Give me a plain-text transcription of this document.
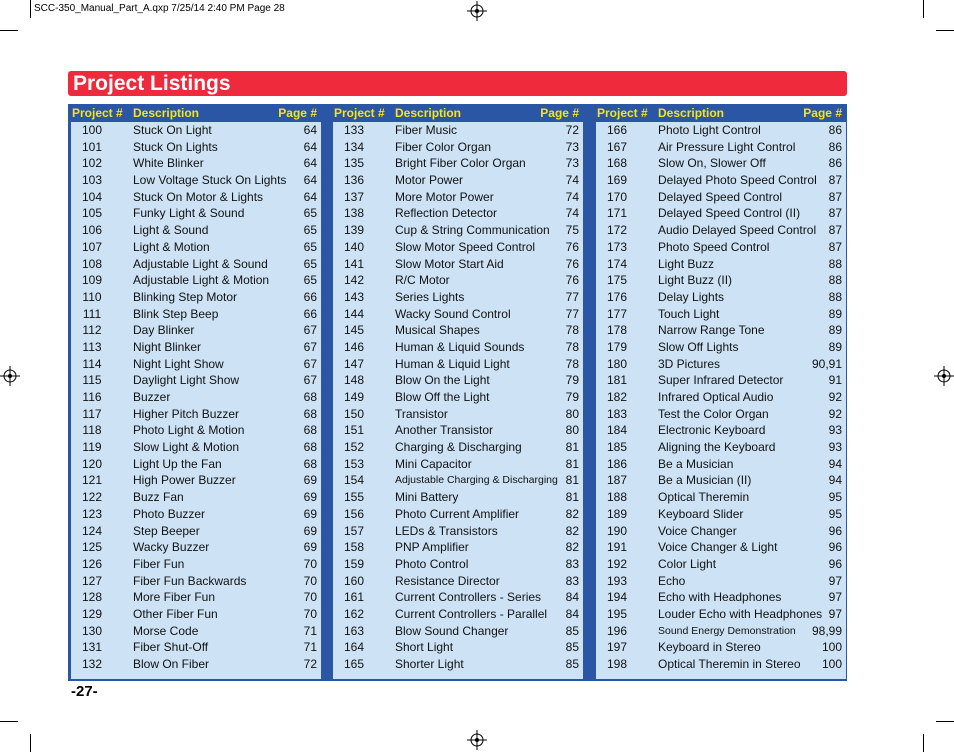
SCC-350_Manual_Part_A.qxp 7/25/14 2:40 PM Page 28
Project Listings
Project # Description	Page #
100	Stuck On Light	64
101	Stuck On Lights	64
102	White Blinker	64
103	Low Voltage Stuck On Lights 64
104	Stuck On Motor & Lights	64
105	Funky Light & Sound	65
106	Light & Sound	65
107	Light & Motion	65
108	Adjustable Light & Sound	65
109	Adjustable Light & Motion	65
110	Blinking Step Motor	66
111	Blink Step Beep	66
112	Day Blinker	67
113	Night Blinker	67
114	Night Light Show	67
115	Daylight Light Show	67
116	Buzzer	68
117	Higher Pitch Buzzer	68
118	Photo Light & Motion	68
119	Slow Light & Motion	68
120	Light Up the Fan	68
121	High Power Buzzer	69
122	Buzz Fan	69
123	Photo Buzzer	69
124	Step Beeper	69
125	Wacky Buzzer	69
126	Fiber Fun	70
127	Fiber Fun Backwards	70
128	More Fiber Fun	70
129	Other Fiber Fun	70
130	Morse Code	71
131	Fiber Shut-Off	71
132	Blow On Fiber	72
Project # Description	Page #
133	Fiber Music	72
134	Fiber Color Organ	73
135	Bright Fiber Color Organ	73
136	Motor Power	74
137	More Motor Power	74
138	Reflection Detector	74
139	Cup & String Communication 75
140	Slow Motor Speed Control	76
141	Slow Motor Start Aid	76
142	R/C Motor	76
143	Series Lights	77
144	Wacky Sound Control	77
145	Musical Shapes	78
146	Human & Liquid Sounds	78
147	Human & Liquid Light	78
148	Blow On the Light	79
149	Blow Off the Light	79
150	Transistor	80
151	Another Transistor	80
152	Charging & Discharging	81
153	Mini Capacitor	81
154	Adjustable Charging & Discharging 81
155	Mini Battery	81
156	Photo Current Amplifier	82
157	LEDs & Transistors	82
158	PNP Amplifier	82
159	Photo Control	83
160	Resistance Director	83
161	Current Controllers - Series 84
162	Current Controllers - Parallel 84
163	Blow Sound Changer	85
164	Short Light	85
165	Shorter Light	85
Project # Description	Page #
166	Photo Light Control	86
167	Air Pressure Light Control	86
168	Slow On, Slower Off	86
169	Delayed Photo Speed Control 87
170	Delayed Speed Control	87
171	Delayed Speed Control (II) 87
172	Audio Delayed Speed Control 87
173	Photo Speed Control	87
174	Light Buzz	88
175	Light Buzz (II)	88
176	Delay Lights	88
177	Touch Light	89
178	Narrow Range Tone	89
179	Slow Off Lights	89
180	3D Pictures	90,91
181	Super Infrared Detector	91
182	Infrared Optical Audio	92
183	Test the Color Organ	92
184	Electronic Keyboard	93
185	Aligning the Keyboard	93
186	Be a Musician	94
187	Be a Musician (II)	94
188	Optical Theremin	95
189	Keyboard Slider	95
190	Voice Changer	96
191	Voice Changer & Light	96
192	Color Light	96
193	Echo	97
194	Echo with Headphones	97
195	Louder Echo with Headphones 97
196	Sound Energy Demonstration 98,99
197	Keyboard in Stereo	100
198	Optical Theremin in Stereo 100
-27-
